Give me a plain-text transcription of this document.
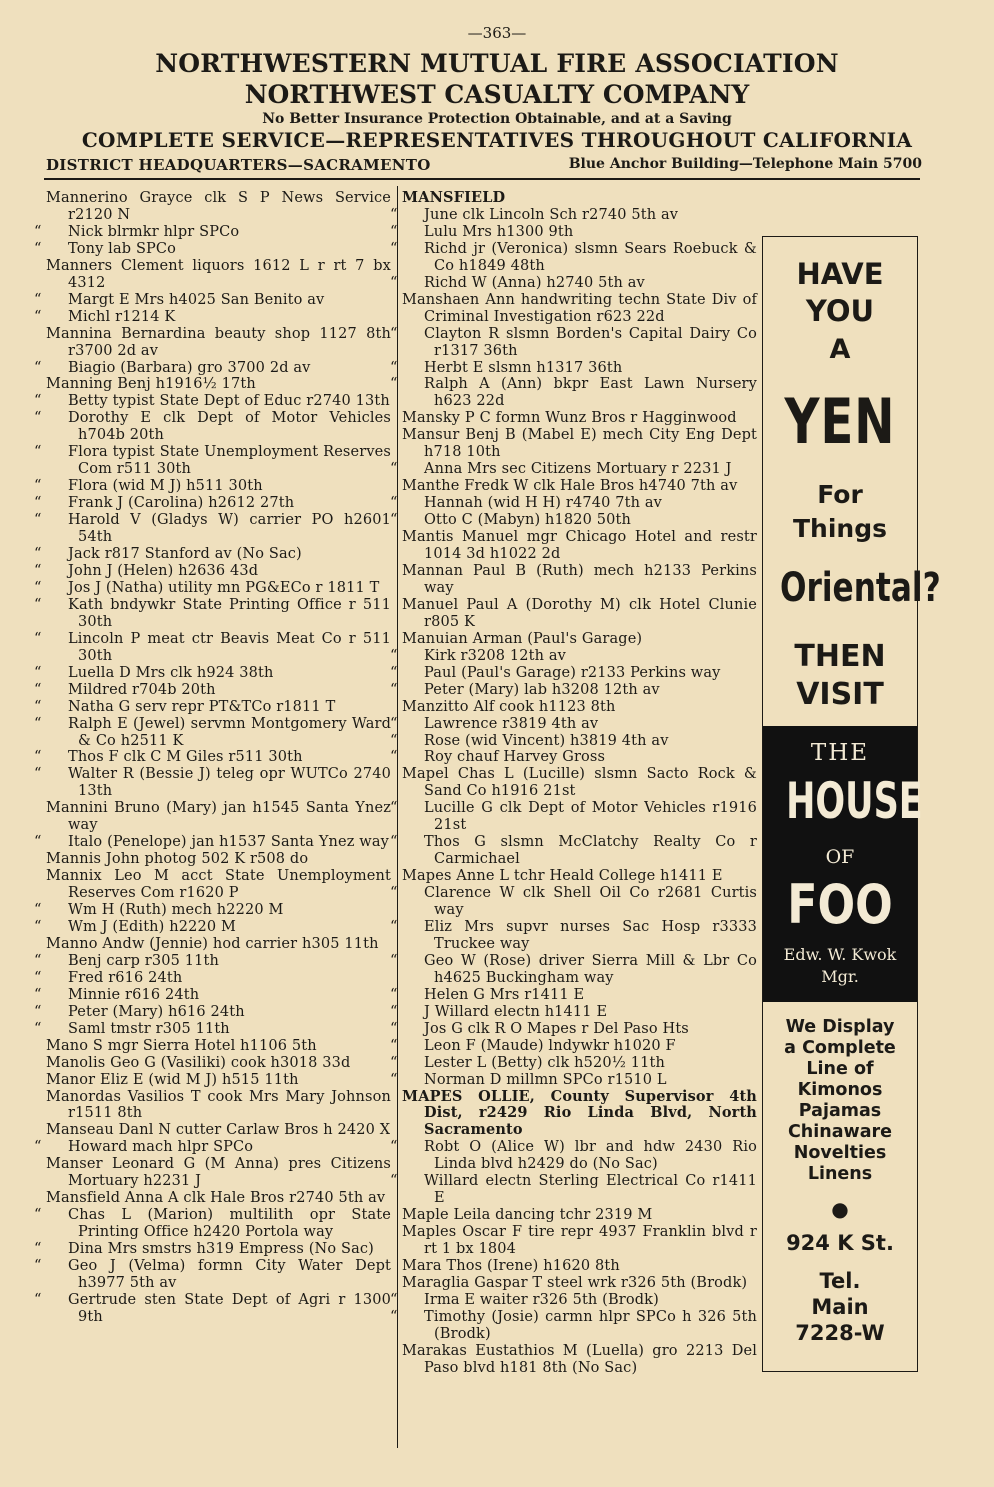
—363—
NORTHWESTERN MUTUAL FIRE ASSOCIATION
NORTHWEST CASUALTY COMPANY
No Better Insurance Protection Obtainable, and at a Saving
COMPLETE SERVICE—REPRESENTATIVES THROUGHOUT CALIFORNIA
DISTRICT HEADQUARTERS—SACRAMENTO	Blue Anchor Building—Telephone Main 5700
Mannerino Grayce clk S P News Service r2120 N
“ Nick blrmkr hlpr SPCo
“ Tony lab SPCo
Manners Clement liquors 1612 L r rt 7 bx 4312
“ Margt E Mrs h4025 San Benito av
“ Michl r1214 K
Mannina Bernardina beauty shop 1127 8th r3700 2d av
“ Biagio (Barbara) gro 3700 2d av
Manning Benj h1916½ 17th
“ Betty typist State Dept of Educ r2740 13th
“ Dorothy E clk Dept of Motor Vehicles h704b 20th
“ Flora typist State Unemployment Reserves Com r511 30th
“ Flora (wid M J) h511 30th
“ Frank J (Carolina) h2612 27th
“ Harold V (Gladys W) carrier PO h2601 54th
“ Jack r817 Stanford av (No Sac)
“ John J (Helen) h2636 43d
“ Jos J (Natha) utility mn PG&ECo r 1811 T
“ Kath bndywkr State Printing Office r 511 30th
“ Lincoln P meat ctr Beavis Meat Co r 511 30th
“ Luella D Mrs clk h924 38th
“ Mildred r704b 20th
“ Natha G serv repr PT&TCo r1811 T
“ Ralph E (Jewel) servmn Montgomery Ward & Co h2511 K
“ Thos F clk C M Giles r511 30th
“ Walter R (Bessie J) teleg opr WUTCo 2740 13th
Mannini Bruno (Mary) jan h1545 Santa Ynez way
“ Italo (Penelope) jan h1537 Santa Ynez way
Mannis John photog 502 K r508 do
Mannix Leo M acct State Unemployment Reserves Com r1620 P
“ Wm H (Ruth) mech h2220 M
“ Wm J (Edith) h2220 M
Manno Andw (Jennie) hod carrier h305 11th
“ Benj carp r305 11th
“ Fred r616 24th
“ Minnie r616 24th
“ Peter (Mary) h616 24th
“ Saml tmstr r305 11th
Mano S mgr Sierra Hotel h1106 5th
Manolis Geo G (Vasiliki) cook h3018 33d
Manor Eliz E (wid M J) h515 11th
Manordas Vasilios T cook Mrs Mary Johnson r1511 8th
Manseau Danl N cutter Carlaw Bros h 2420 X
“ Howard mach hlpr SPCo
Manser Leonard G (M Anna) pres Citizens Mortuary h2231 J
Mansfield Anna A clk Hale Bros r2740 5th av
“ Chas L (Marion) multilith opr State Printing Office h2420 Portola way
“ Dina Mrs smstrs h319 Empress (No Sac)
“ Geo J (Velma) formn City Water Dept h3977 5th av
“ Gertrude sten State Dept of Agri r 1300 9th
MANSFIELD
“ June clk Lincoln Sch r2740 5th av
“ Lulu Mrs h1300 9th
“ Richd jr (Veronica) slsmn Sears Roebuck & Co h1849 48th
“ Richd W (Anna) h2740 5th av
Manshaen Ann handwriting techn State Div of Criminal Investigation r623 22d
“ Clayton R slsmn Borden's Capital Dairy Co r1317 36th
“ Herbt E slsmn h1317 36th
“ Ralph A (Ann) bkpr East Lawn Nursery h623 22d
Mansky P C formn Wunz Bros r Hagginwood
Mansur Benj B (Mabel E) mech City Eng Dept h718 10th
“ Anna Mrs sec Citizens Mortuary r 2231 J
Manthe Fredk W clk Hale Bros h4740 7th av
“ Hannah (wid H H) r4740 7th av
“ Otto C (Mabyn) h1820 50th
Mantis Manuel mgr Chicago Hotel and restr 1014 3d h1022 2d
Mannan Paul B (Ruth) mech h2133 Perkins way
Manuel Paul A (Dorothy M) clk Hotel Clunie r805 K
Manuian Arman (Paul's Garage)
“ Kirk r3208 12th av
“ Paul (Paul's Garage) r2133 Perkins way
“ Peter (Mary) lab h3208 12th av
Manzitto Alf cook h1123 8th
“ Lawrence r3819 4th av
“ Rose (wid Vincent) h3819 4th av
“ Roy chauf Harvey Gross
Mapel Chas L (Lucille) slsmn Sacto Rock & Sand Co h1916 21st
“ Lucille G clk Dept of Motor Vehicles r1916 21st
“ Thos G slsmn McClatchy Realty Co r Carmichael
Mapes Anne L tchr Heald College h1411 E
“ Clarence W clk Shell Oil Co r2681 Curtis way
“ Eliz Mrs supvr nurses Sac Hosp r3333 Truckee way
“ Geo W (Rose) driver Sierra Mill & Lbr Co h4625 Buckingham way
“ Helen G Mrs r1411 E
“ J Willard electn h1411 E
“ Jos G clk R O Mapes r Del Paso Hts
“ Leon F (Maude) lndywkr h1020 F
“ Lester L (Betty) clk h520½ 11th
“ Norman D millmn SPCo r1510 L
MAPES OLLIE, County Supervisor 4th Dist, r2429 Rio Linda Blvd, North Sacramento
“ Robt O (Alice W) lbr and hdw 2430 Rio Linda blvd h2429 do (No Sac)
“ Willard electn Sterling Electrical Co r1411 E
Maple Leila dancing tchr 2319 M
Maples Oscar F tire repr 4937 Franklin blvd r rt 1 bx 1804
Mara Thos (Irene) h1620 8th
Maraglia Gaspar T steel wrk r326 5th (Brodk)
“ Irma E waiter r326 5th (Brodk)
“ Timothy (Josie) carmn hlpr SPCo h 326 5th (Brodk)
Marakas Eustathios M (Luella) gro 2213 Del Paso blvd h181 8th (No Sac)
HAVE
YOU
A
YEN
For
Things
Oriental?
THEN
VISIT
THE
HOUSE
OF
FOO
Edw. W. Kwok
Mgr.
We Display
a Complete
Line of
Kimonos
Pajamas
Chinaware
Novelties
Linens
●
924 K St.
Tel.
Main
7228-W
